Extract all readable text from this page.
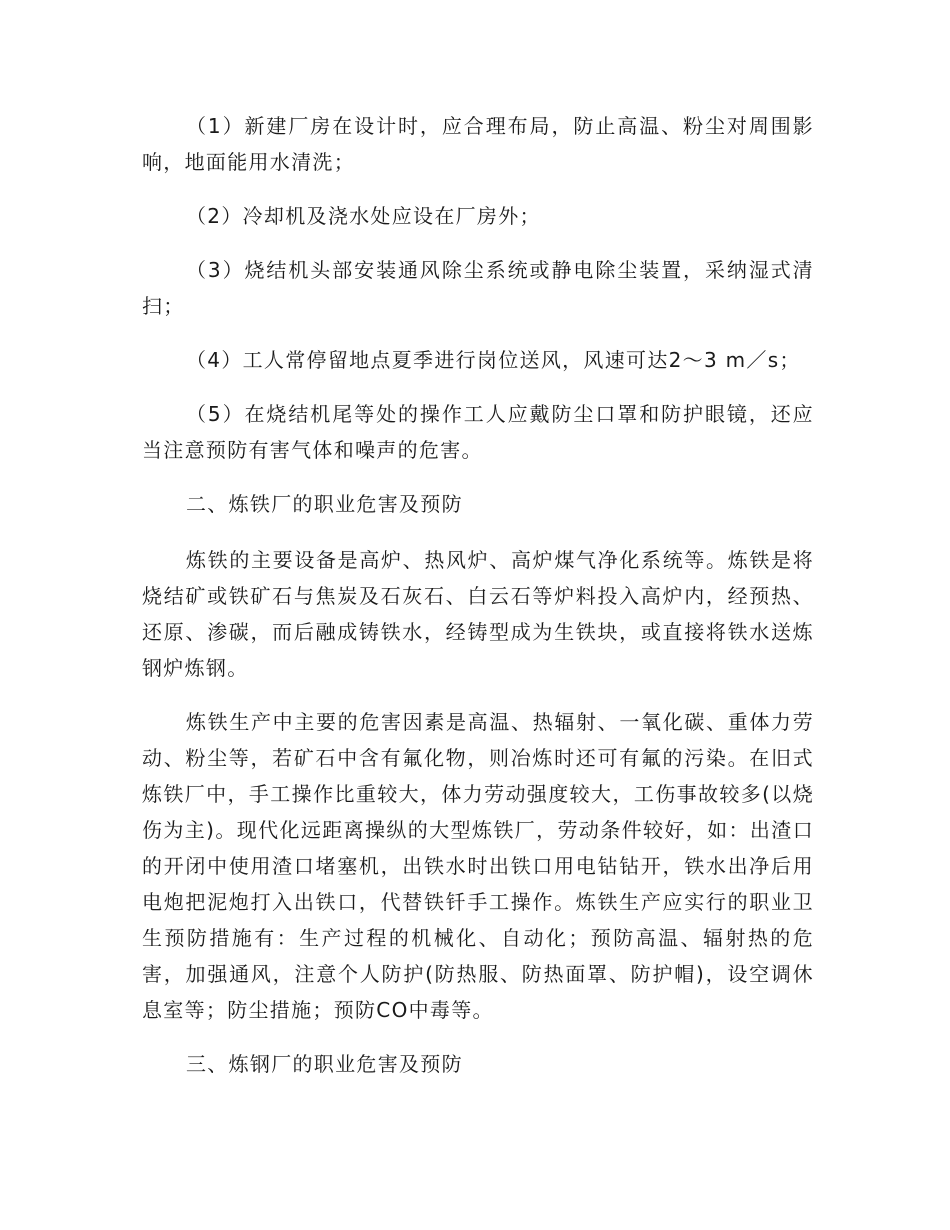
（1）新建厂房在设计时，应合理布局，防止高温、粉尘对周围影响，地面能用水清洗；

（2）冷却机及浇水处应设在厂房外；

（3）烧结机头部安装通风除尘系统或静电除尘装置，采纳湿式清扫；

（4）工人常停留地点夏季进行岗位送风，风速可达2～3 m／s；

（5）在烧结机尾等处的操作工人应戴防尘口罩和防护眼镜，还应当注意预防有害气体和噪声的危害。

二、炼铁厂的职业危害及预防

炼铁的主要设备是高炉、热风炉、高炉煤气净化系统等。炼铁是将烧结矿或铁矿石与焦炭及石灰石、白云石等炉料投入高炉内，经预热、还原、渗碳，而后融成铸铁水，经铸型成为生铁块，或直接将铁水送炼钢炉炼钢。

炼铁生产中主要的危害因素是高温、热辐射、一氧化碳、重体力劳动、粉尘等，若矿石中含有氟化物，则冶炼时还可有氟的污染。在旧式炼铁厂中，手工操作比重较大，体力劳动强度较大，工伤事故较多(以烧伤为主)。现代化远距离操纵的大型炼铁厂，劳动条件较好，如：出渣口的开闭中使用渣口堵塞机，出铁水时出铁口用电钻钻开，铁水出净后用电炮把泥炮打入出铁口，代替铁钎手工操作。炼铁生产应实行的职业卫生预防措施有：生产过程的机械化、自动化；预防高温、辐射热的危害，加强通风，注意个人防护(防热服、防热面罩、防护帽)，设空调休息室等；防尘措施；预防CO中毒等。

三、炼钢厂的职业危害及预防
